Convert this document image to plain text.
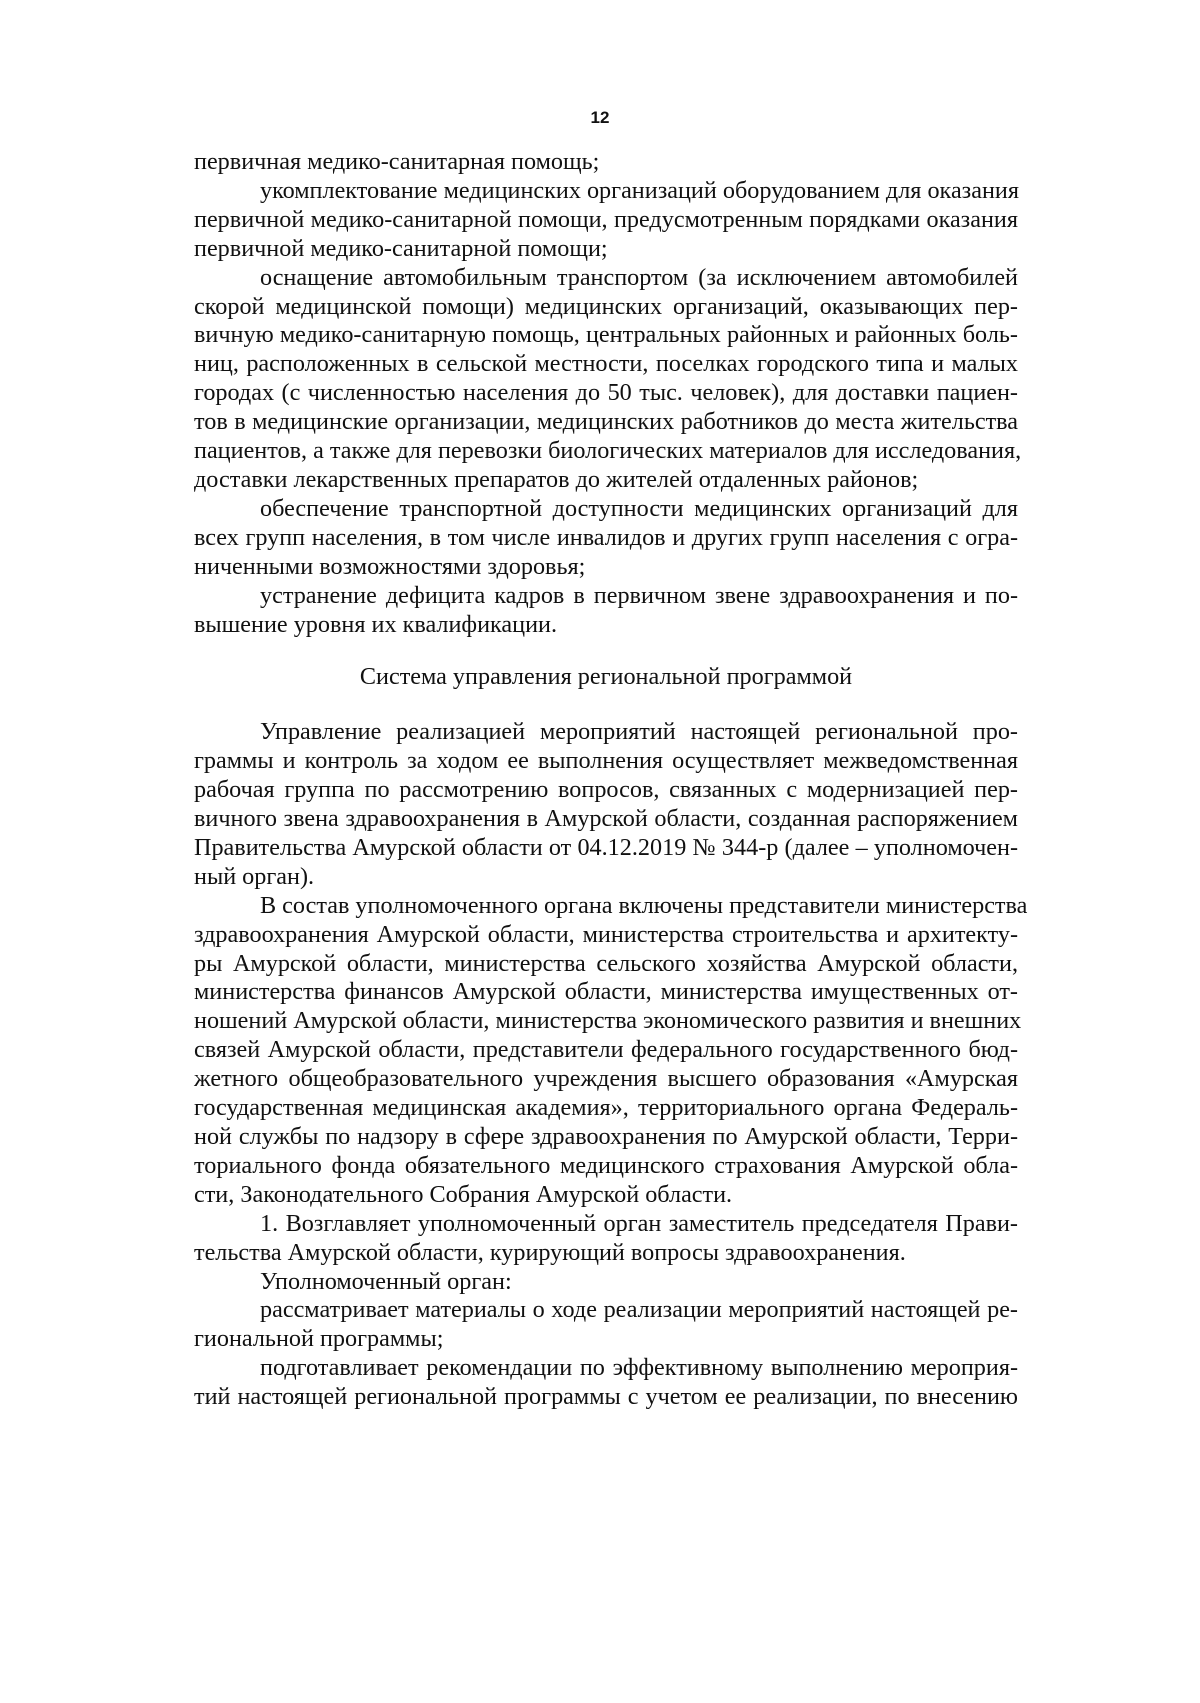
12
первичная медико-санитарная помощь;
укомплектование медицинских организаций оборудованием для оказания
первичной медико-санитарной помощи, предусмотренным порядками оказания
первичной медико-санитарной помощи;
оснащение автомобильным транспортом (за исключением автомобилей
скорой медицинской помощи) медицинских организаций, оказывающих пер-
вичную медико-санитарную помощь, центральных районных и районных боль-
ниц, расположенных в сельской местности, поселках городского типа и малых
городах (с численностью населения до 50 тыс. человек), для доставки пациен-
тов в медицинские организации, медицинских работников до места жительства
пациентов, а также для перевозки биологических материалов для исследования,
доставки лекарственных препаратов до жителей отдаленных районов;
обеспечение транспортной доступности медицинских организаций для
всех групп населения, в том числе инвалидов и других групп населения с огра-
ниченными возможностями здоровья;
устранение дефицита кадров в первичном звене здравоохранения и по-
вышение уровня их квалификации.
Система управления региональной программой
Управление реализацией мероприятий настоящей региональной про-
граммы и контроль за ходом ее выполнения осуществляет межведомственная
рабочая группа по рассмотрению вопросов, связанных с модернизацией пер-
вичного звена здравоохранения в Амурской области, созданная распоряжением
Правительства Амурской области от 04.12.2019 № 344-р (далее – уполномочен-
ный орган).
В состав уполномоченного органа включены представители министерства
здравоохранения Амурской области, министерства строительства и архитекту-
ры Амурской области, министерства сельского хозяйства Амурской области,
министерства финансов Амурской области, министерства имущественных от-
ношений Амурской области, министерства экономического развития и внешних
связей Амурской области, представители федерального государственного бюд-
жетного общеобразовательного учреждения высшего образования «Амурская
государственная медицинская академия», территориального органа Федераль-
ной службы по надзору в сфере здравоохранения по Амурской области, Терри-
ториального фонда обязательного медицинского страхования Амурской обла-
сти, Законодательного Собрания Амурской области.
1. Возглавляет уполномоченный орган заместитель председателя Прави-
тельства Амурской области, курирующий вопросы здравоохранения.
Уполномоченный орган:
рассматривает материалы о ходе реализации мероприятий настоящей ре-
гиональной программы;
подготавливает рекомендации по эффективному выполнению мероприя-
тий настоящей региональной программы с учетом ее реализации, по внесению
